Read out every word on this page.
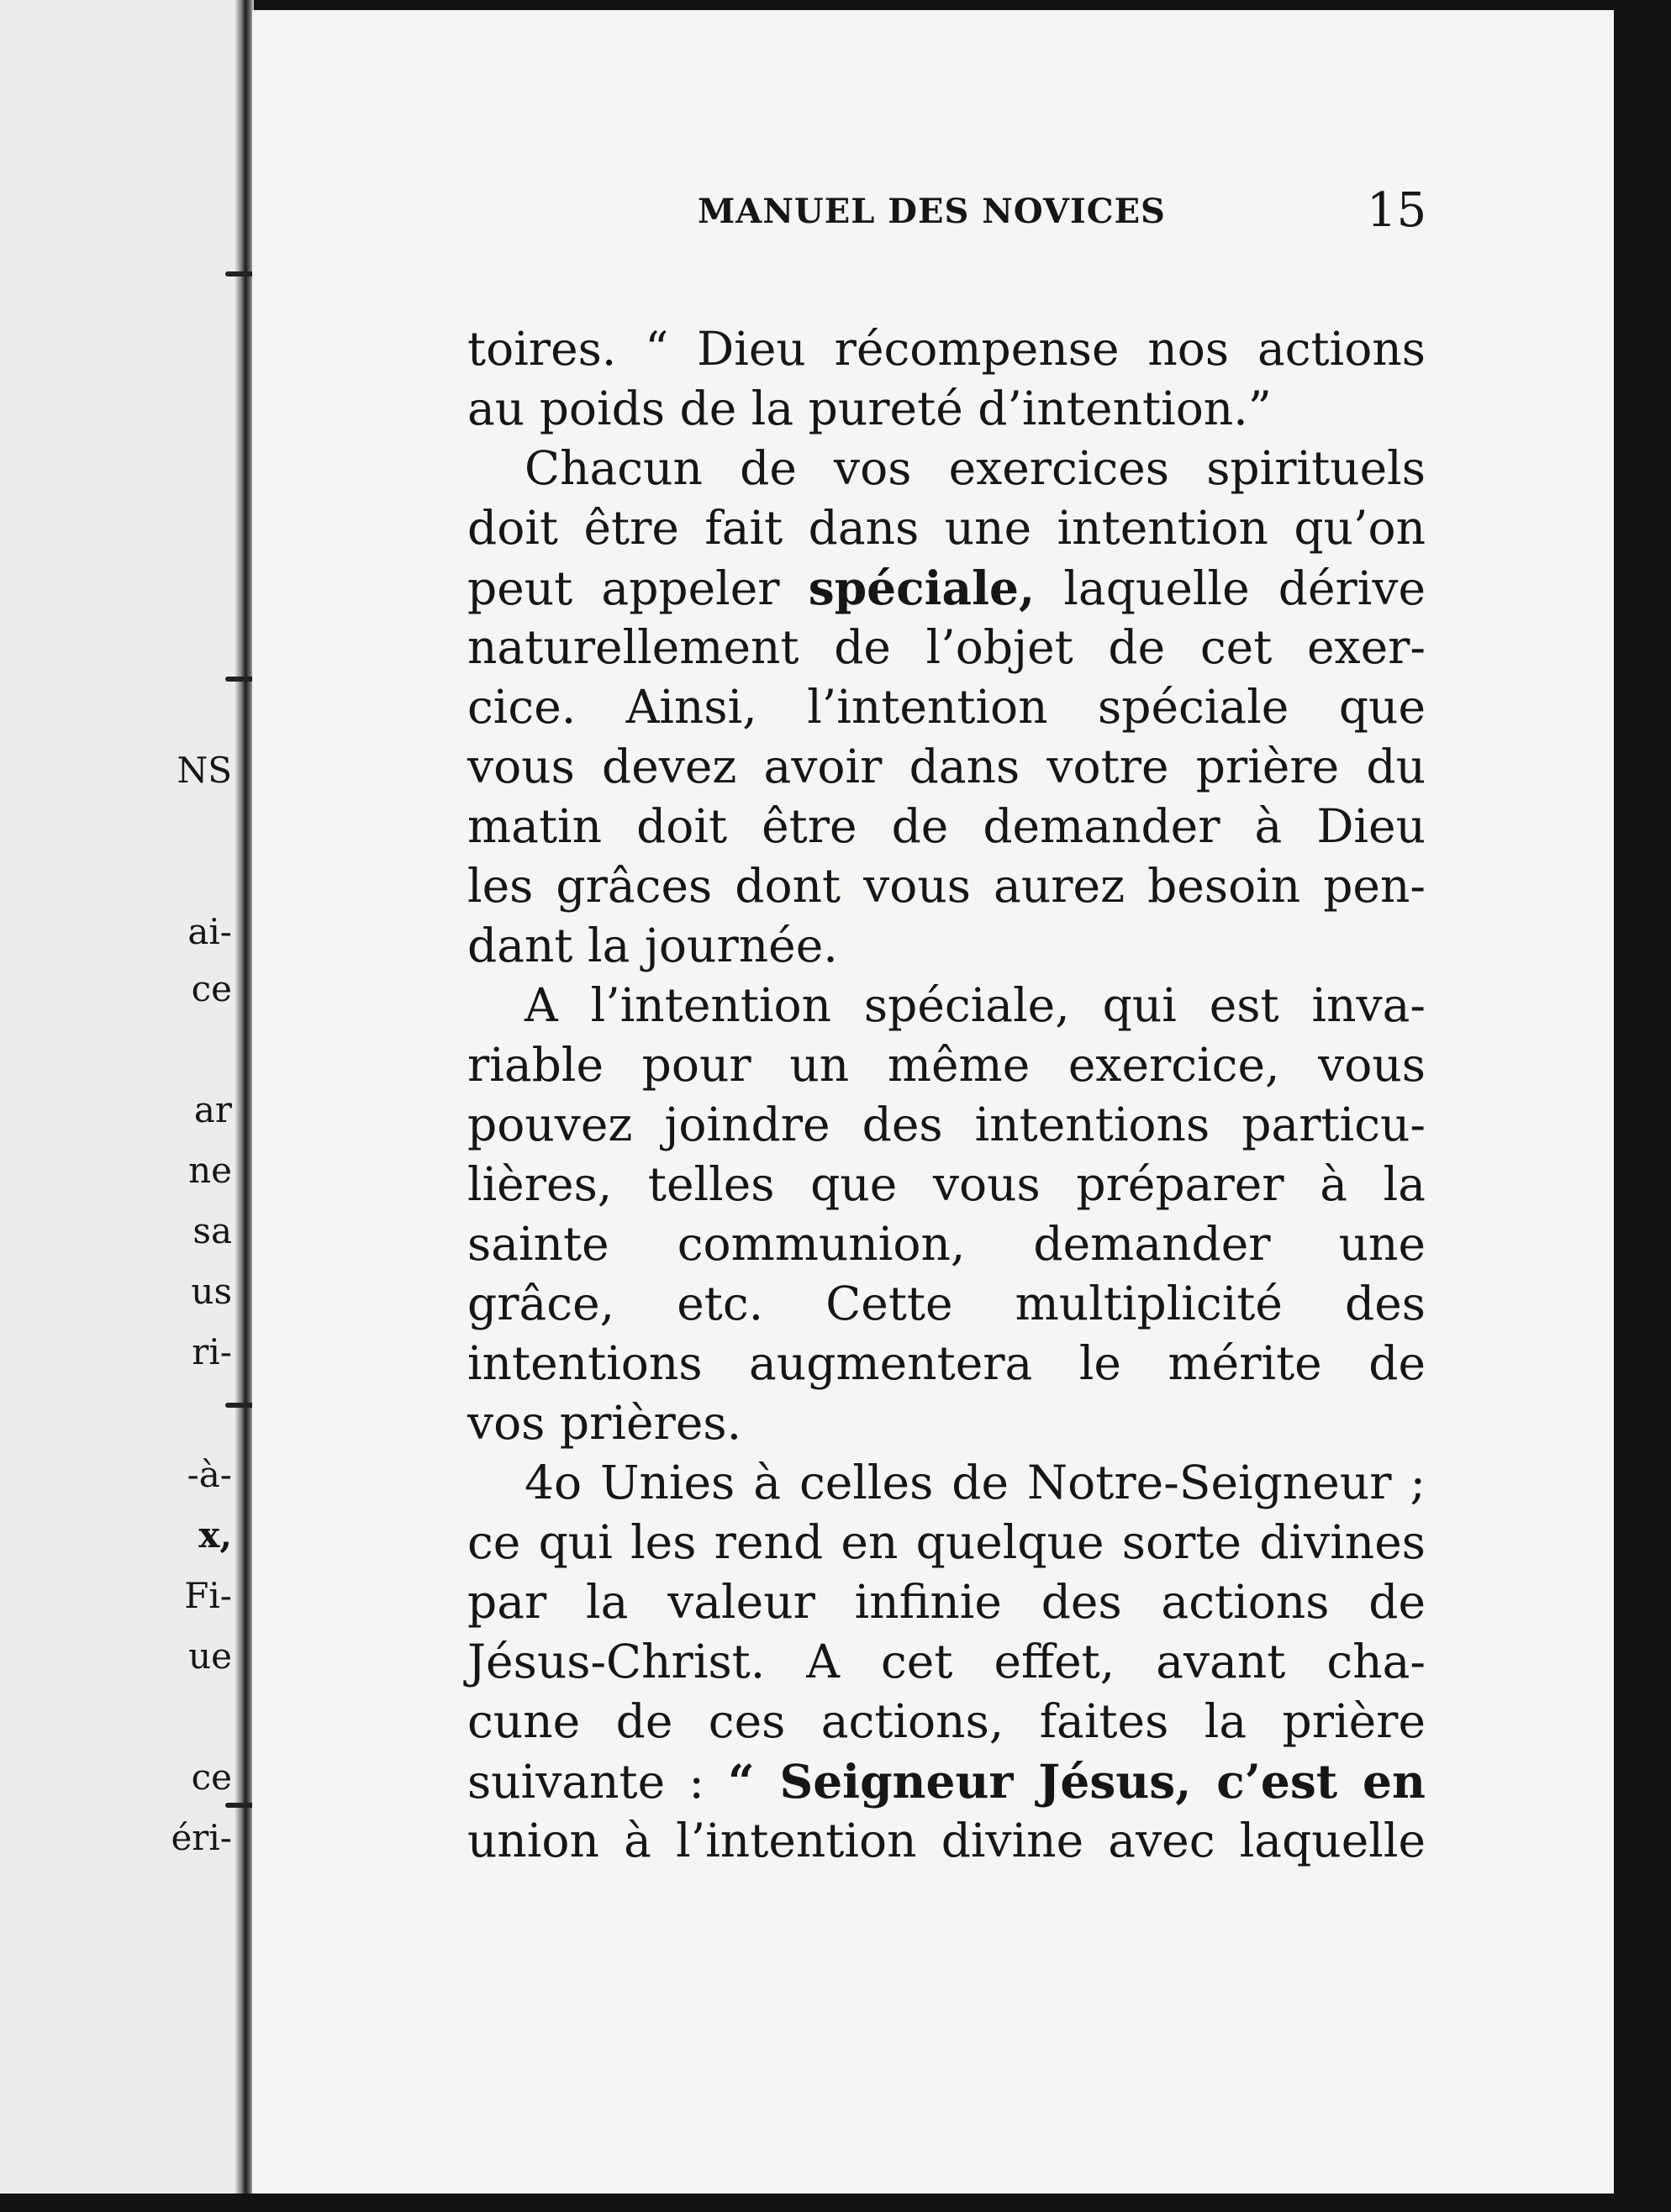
NS
ai-
ce
ar
ne
sa
us
ri-
-à-
x,
Fi-
ue
ce
éri-
MANUEL DES NOVICES	15
toires. “ Dieu récompense nos actions
au poids de la pureté d’intention.”
Chacun de vos exercices spirituels
doit être fait dans une intention qu’on
peut appeler spéciale, laquelle dérive
naturellement de l’objet de cet exer-
cice. Ainsi, l’intention spéciale que
vous devez avoir dans votre prière du
matin doit être de demander à Dieu
les grâces dont vous aurez besoin pen-
dant la journée.
A l’intention spéciale, qui est inva-
riable pour un même exercice, vous
pouvez joindre des intentions particu-
lières, telles que vous préparer à la
sainte communion, demander une
grâce, etc. Cette multiplicité des
intentions augmentera le mérite de
vos prières.
4o Unies à celles de Notre-Seigneur ;
ce qui les rend en quelque sorte divines
par la valeur infinie des actions de
Jésus-Christ. A cet effet, avant cha-
cune de ces actions, faites la prière
suivante : “ Seigneur Jésus, c’est en
union à l’intention divine avec laquelle
